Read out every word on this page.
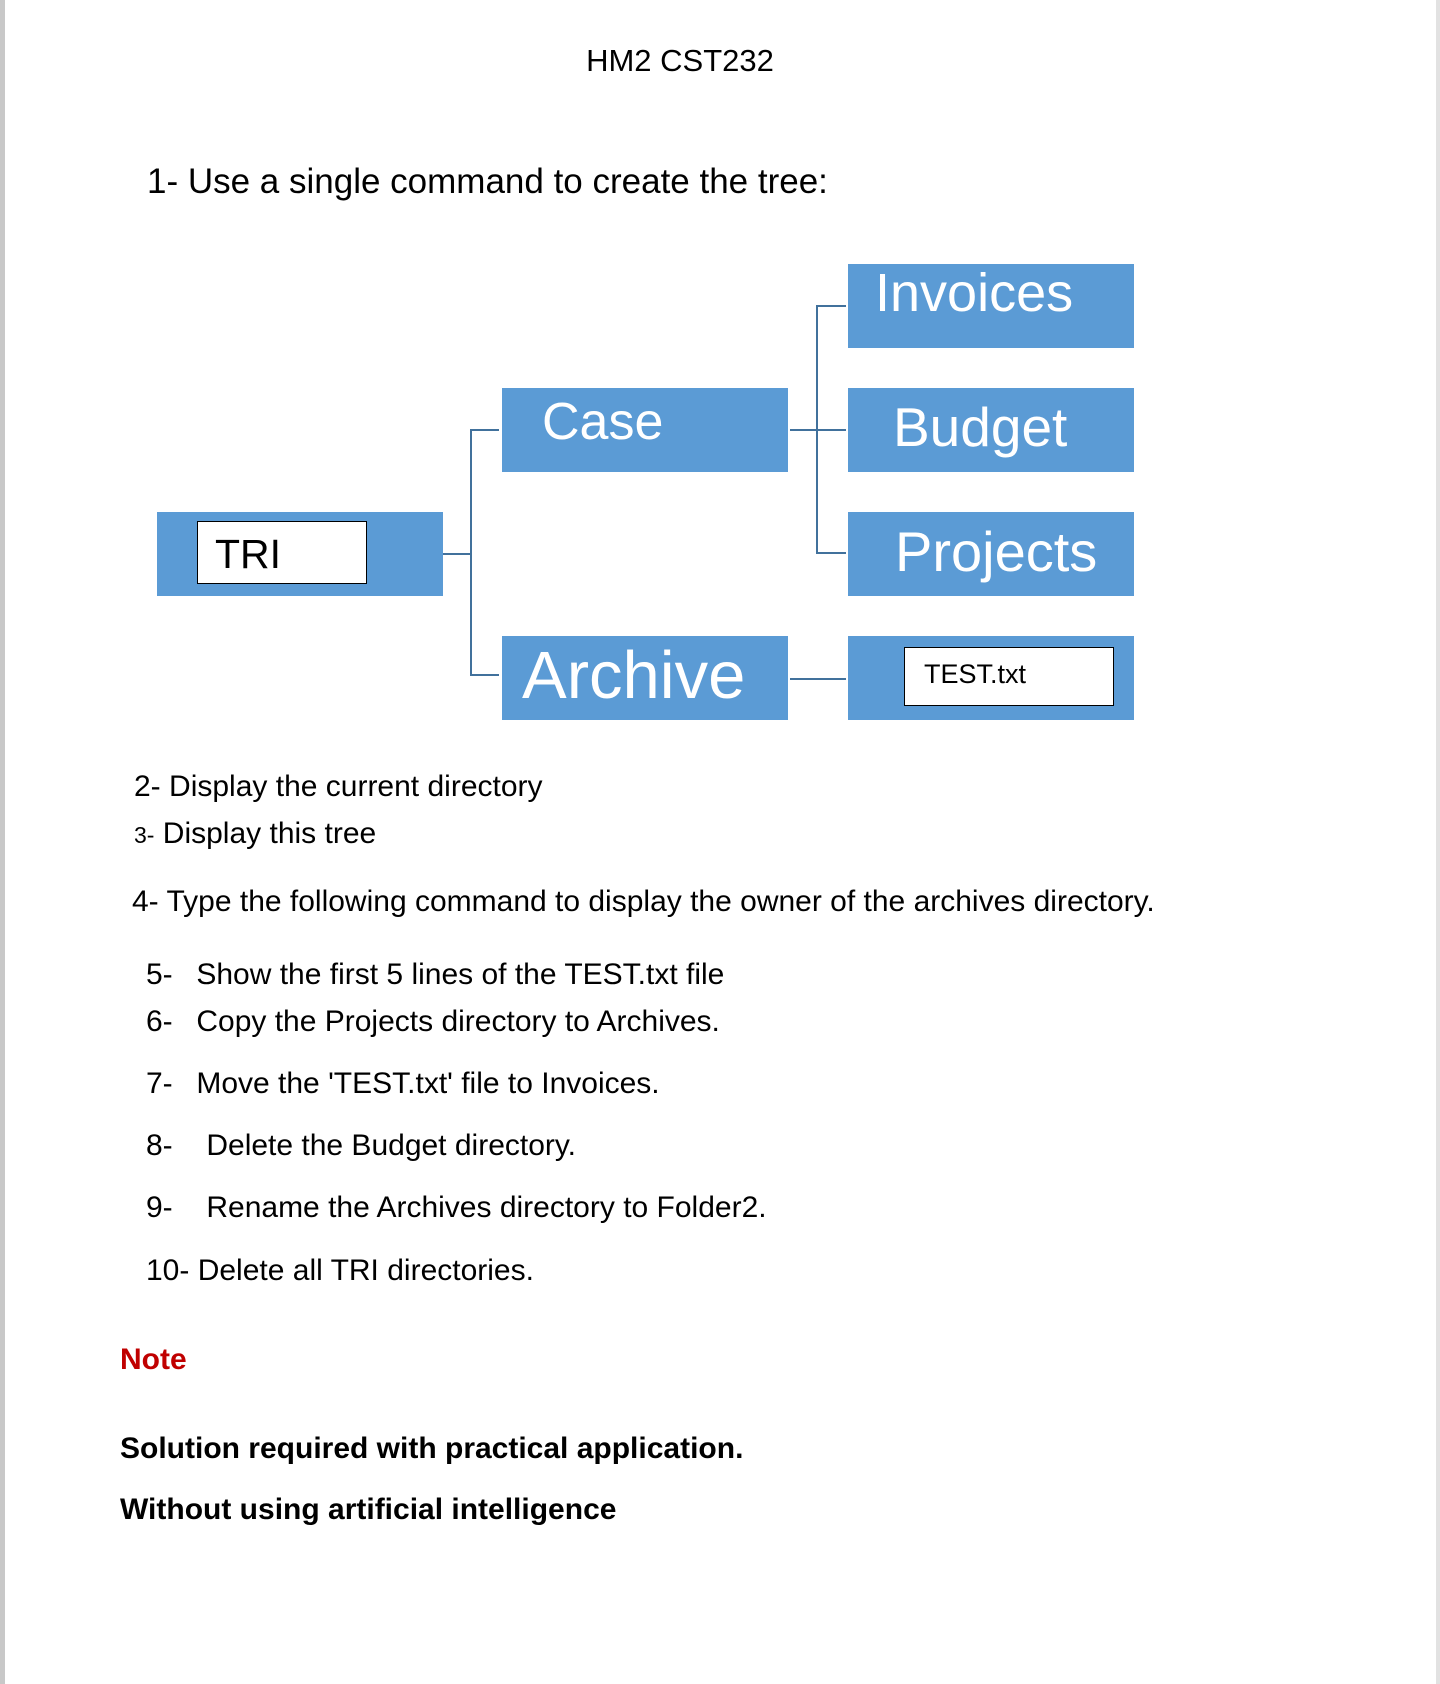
HM2 CST232
1- Use a single command to create the tree:
TRI
Case
Archive
Invoices
Budget
Projects
TEST.txt
2- Display the current directory
3- Display this tree
4- Type the following command to display the owner of the archives directory.
5- Show the first 5 lines of the TEST.txt file
6- Copy the Projects directory to Archives.
7- Move the 'TEST.txt' file to Invoices.
8- Delete the Budget directory.
9- Rename the Archives directory to Folder2.
10- Delete all TRI directories.
Note
Solution required with practical application.
Without using artificial intelligence
